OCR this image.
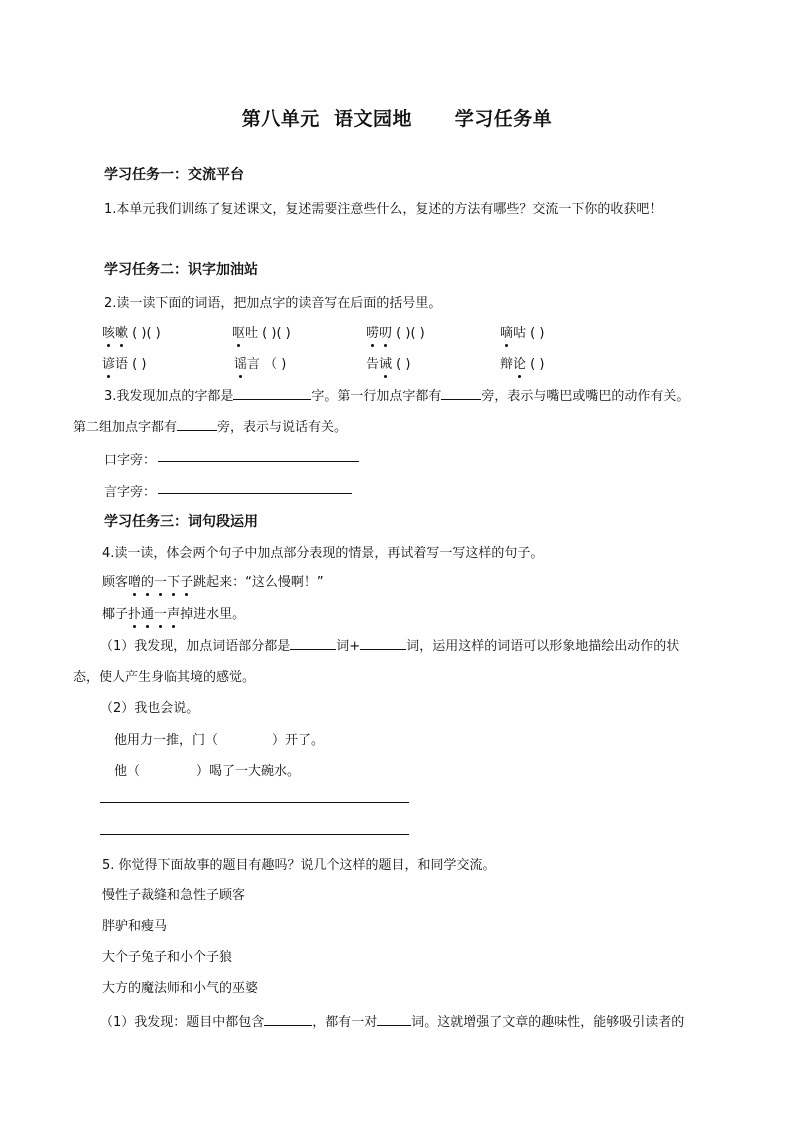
第八单元  语文园地      学习任务单
学习任务一：交流平台
1.本单元我们训练了复述课文，复述需要注意些什么，复述的方法有哪些？交流一下你的收获吧！
学习任务二：识字加油站
2.读一读下面的词语，把加点字的读音写在后面的括号里。
咳嗽 ( )( )	呕吐 ( )( )	唠叨 ( )( )	嘀咕 ( )
谚语 ( )	谣言 （ )	告诫 ( )	辩论 ( )
3.我发现加点的字都是	字。第一行加点字都有	旁，表示与嘴巴或嘴巴的动作有关。
第二组加点字都有	旁，表示与说话有关。
口字旁：
言字旁：
学习任务三：词句段运用
4.读一读，体会两个句子中加点部分表现的情景，再试着写一写这样的句子。
顾客噌的一下子跳起来：“这么慢啊！”
椰子扑通一声掉进水里。
（1）我发现，加点词语部分都是	词+	词，运用这样的词语可以形象地描绘出动作的状
态，使人产生身临其境的感觉。
（2）我也会说。
他用力一推，门（	）开了。
他（	）喝了一大碗水。
5. 你觉得下面故事的题目有趣吗？说几个这样的题目，和同学交流。
慢性子裁缝和急性子顾客
胖驴和瘦马
大个子兔子和小个子狼
大方的魔法师和小气的巫婆
（1）我发现：题目中都包含	，都有一对	词。这就增强了文章的趣味性，能够吸引读者的
